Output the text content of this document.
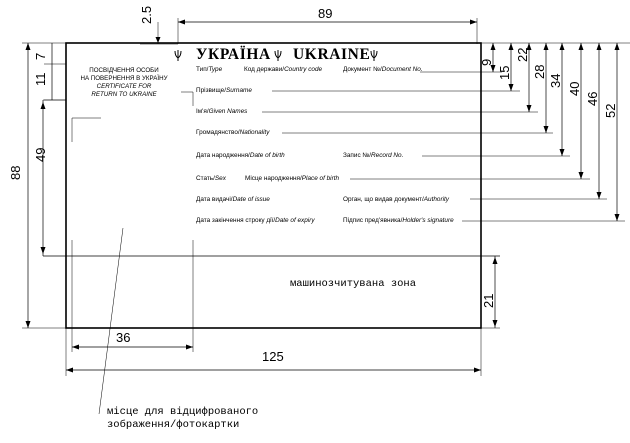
89
2.5
88
7
11
49
9
15
22
28
34
40
46
52
21
36
125
УКРАЇНА UKRAINE
ПОСВІДЧЕННЯ ОСОБИ
НА ПОВЕРНЕННЯ В УКРАЇНУ
CERTIFICATE FOR
RETURN TO UKRAINE
Тип/Type	Код держави/Country code	Документ №/Document No.
Прізвище/Surname
Ім'я/Given Names
Громадянство/Nationality
Дата народження/Date of birth	Запис №/Record No.
Стать/Sex	Місце народження/Place of birth
Дата видачі/Date of issue	Орган, що видав документ/Authority
Дата закінчення строку дії/Date of expiry	Підпис пред'явника/Holder's signature
машинозчитувана зона
місце для відцифрованого
зображення/фотокартки
